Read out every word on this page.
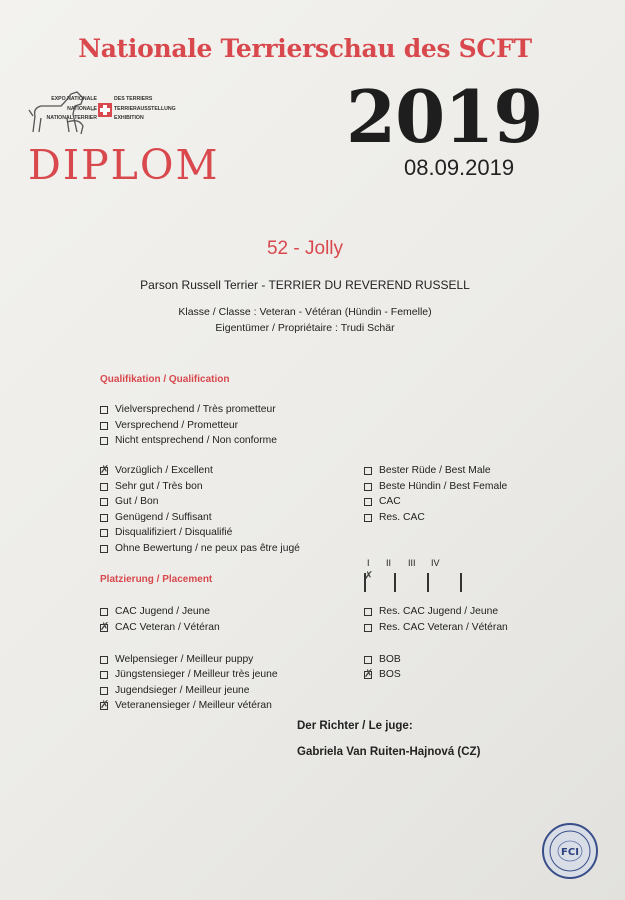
Nationale Terrierschau des SCFT
EXPO NATIONALE	DES TERRIERS
NATIONALE	TERRIERAUSSTELLUNG
NATIONAL TERRIER	EXHIBITION
DIPLOM
2019
08.09.2019
52 - Jolly
Parson Russell Terrier - TERRIER DU REVEREND RUSSELL
Klasse / Classe : Veteran - Vétéran (Hündin - Femelle)
Eigentümer / Propriétaire : Trudi Schär
Qualifikation / Qualification
Vielversprechend / Très prometteur
Versprechend / Prometteur
Nicht entsprechend / Non conforme
✗
Vorzüglich / Excellent
Sehr gut / Très bon
Gut / Bon
Genügend / Suffisant
Disqualifiziert / Disqualifié
Ohne Bewertung / ne peux pas être jugé
Bester Rüde / Best Male
Beste Hündin / Best Female
CAC
Res. CAC
Platzierung / Placement
I II III IV
✗
CAC Jugend / Jeune
✗
CAC Veteran / Vétéran
Res. CAC Jugend / Jeune
Res. CAC Veteran / Vétéran
Welpensieger / Meilleur puppy
Jüngstensieger / Meilleur très jeune
Jugendsieger / Meilleur jeune
✗
Veteranensieger / Meilleur vétéran
BOB
✗
BOS
Der Richter / Le juge:
Gabriela Van Ruiten-Hajnová (CZ)
FCI
